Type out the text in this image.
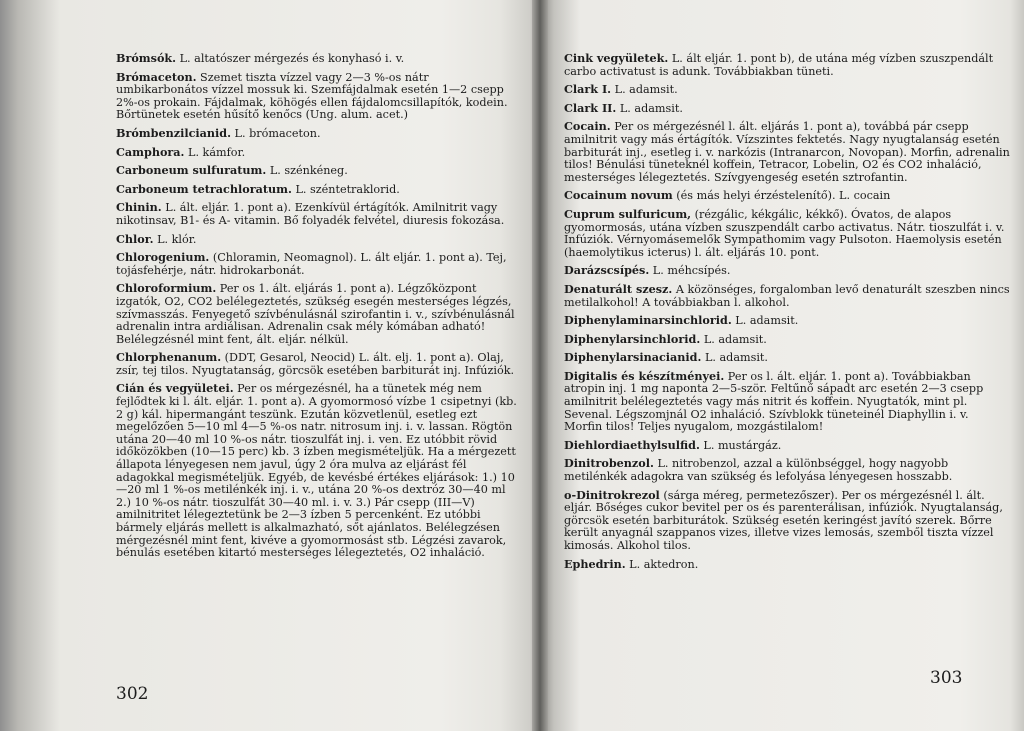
Brómsók. L. altatószer mérgezés és konyhasó i. v.

Brómaceton. Szemet tiszta vízzel vagy 2—3 %-os nátr umbikarbonátos vízzel mossuk ki. Szemfájdalmak esetén 1—2 csepp 2%-os prokain. Fájdalmak, köhögés ellen fájdalomcsillapítók, kodein. Bőrtünetek esetén hűsítő kenőcs (Ung. alum. acet.)

Brómbenzilcianid. L. brómaceton.

Camphora. L. kámfor.

Carboneum sulfuratum. L. szénkéneg.

Carboneum tetrachloratum. L. széntetraklorid.

Chinin. L. ált. eljár. 1. pont a). Ezenkívül értágítók. Amilnitrit vagy nikotinsav, B1- és A- vitamin. Bő folyadék felvétel, diuresis fokozása.

Chlor. L. klór.

Chlorogenium. (Chloramin, Neomagnol). L. ált eljár. 1. pont a). Tej, tojásfehérje, nátr. hidrokarbonát.

Chloroformium. Per os 1. ált. eljárás 1. pont a). Légzőközpont izgatók, O2, CO2 belélegeztetés, szükség esegén mesterséges légzés, szívmasszás. Fenyegető szívbénulásnál szirofantin i. v., szívbénulásnál adrenalin intra ardiálisan. Adrenalin csak mély kómában adható! Belélegzésnél mint fent, ált. eljár. nélkül.

Chlorphenanum. (DDT, Gesarol, Neocid) L. ált. elj. 1. pont a). Olaj, zsír, tej tilos. Nyugtatanság, görcsök esetében barbiturát inj. Infúziók.

Cián és vegyületei. Per os mérgezésnél, ha a tünetek még nem fejlődtek ki l. ált. eljár. 1. pont a). A gyomormosó vízbe 1 csipetnyi (kb. 2 g) kál. hipermangánt teszünk. Ezután közvetlenül, esetleg ezt megelőzően 5—10 ml 4—5 %-os natr. nitrosum inj. i. v. lassan. Rögtön utána 20—40 ml 10 %-os nátr. tioszulfát inj. i. ven. Ez utóbbit rövid időközökben (10—15 perc) kb. 3 ízben megismételjük. Ha a mérgezett állapota lényegesen nem javul, úgy 2 óra mulva az eljárást fél adagokkal megismételjük. Egyéb, de kevésbé értékes eljárások: 1.) 10—20 ml 1 %-os metilénkék inj. i. v., utána 20 %-os dextróz 30—40 ml 2.) 10 %-os nátr. tioszulfát 30—40 ml. i. v. 3.) Pár csepp (III—V) amilnitritet lélegeztetünk be 2—3 ízben 5 percenként. Ez utóbbi bármely eljárás mellett is alkalmazható, sőt ajánlatos. Belélegzésen mérgezésnél mint fent, kivéve a gyomormosást stb. Légzési zavarok, bénulás esetében kitartó mesterséges lélegeztetés, O2 inhaláció.

302

Cink vegyületek. L. ált eljár. 1. pont b), de utána még vízben szuszpendált carbo activatust is adunk. Továbbiakban tüneti.

Clark I. L. adamsit.

Clark II. L. adamsit.

Cocain. Per os mérgezésnél l. ált. eljárás 1. pont a), továbbá pár csepp amilnitrit vagy más értágítók. Vízszintes fektetés. Nagy nyugtalanság esetén barbiturát inj., esetleg i. v. narkózis (Intranarcon, Novopan). Morfin, adrenalin tilos! Bénulási tüneteknél koffein, Tetracor, Lobelin, O2 és CO2 inhaláció, mesterséges lélegeztetés. Szívgyengeség esetén sztrofantin.

Cocainum novum (és más helyi érzéstelenítő). L. cocain

Cuprum sulfuricum, (rézgálic, kékgálic, kékkő). Óvatos, de alapos gyomormosás, utána vízben szuszpendált carbo activatus. Nátr. tioszulfát i. v. Infúziók. Vérnyomásemelők Sympathomim vagy Pulsoton. Haemolysis esetén (haemolytikus icterus) l. ált. eljárás 10. pont.

Darázscsípés. L. méhcsípés.

Denaturált szesz. A közönséges, forgalomban levő denaturált szeszben nincs metilalkohol! A továbbiakban l. alkohol.

Diphenylaminarsinchlorid. L. adamsit.

Diphenylarsinchlorid. L. adamsit.

Diphenylarsinacianid. L. adamsit.

Digitalis és készítményei. Per os l. ált. eljár. 1. pont a). Továbbiakban atropin inj. 1 mg naponta 2—5-ször. Feltűnő sápadt arc esetén 2—3 csepp amilnitrit belélegeztetés vagy más nitrit és koffein. Nyugtatók, mint pl. Sevenal. Légszomjnál O2 inhaláció. Szívblokk tüneteinél Diaphyllin i. v. Morfin tilos! Teljes nyugalom, mozgástilalom!

Diehlordiaethylsulfid. L. mustárgáz.

Dinitrobenzol. L. nitrobenzol, azzal a különbséggel, hogy nagyobb metilénkék adagokra van szükség és lefolyása lényegesen hosszabb.

o-Dinitrokrezol (sárga méreg, permetezőszer). Per os mérgezésnél l. ált. eljár. Bőséges cukor bevitel per os és parenterálisan, infúziók. Nyugtalanság, görcsök esetén barbiturátok. Szükség esetén keringést javító szerek. Bőrre került anyagnál szappanos vizes, illetve vizes lemosás, szemből tiszta vízzel kimosás. Alkohol tilos.

Ephedrin. L. aktedron.

303
